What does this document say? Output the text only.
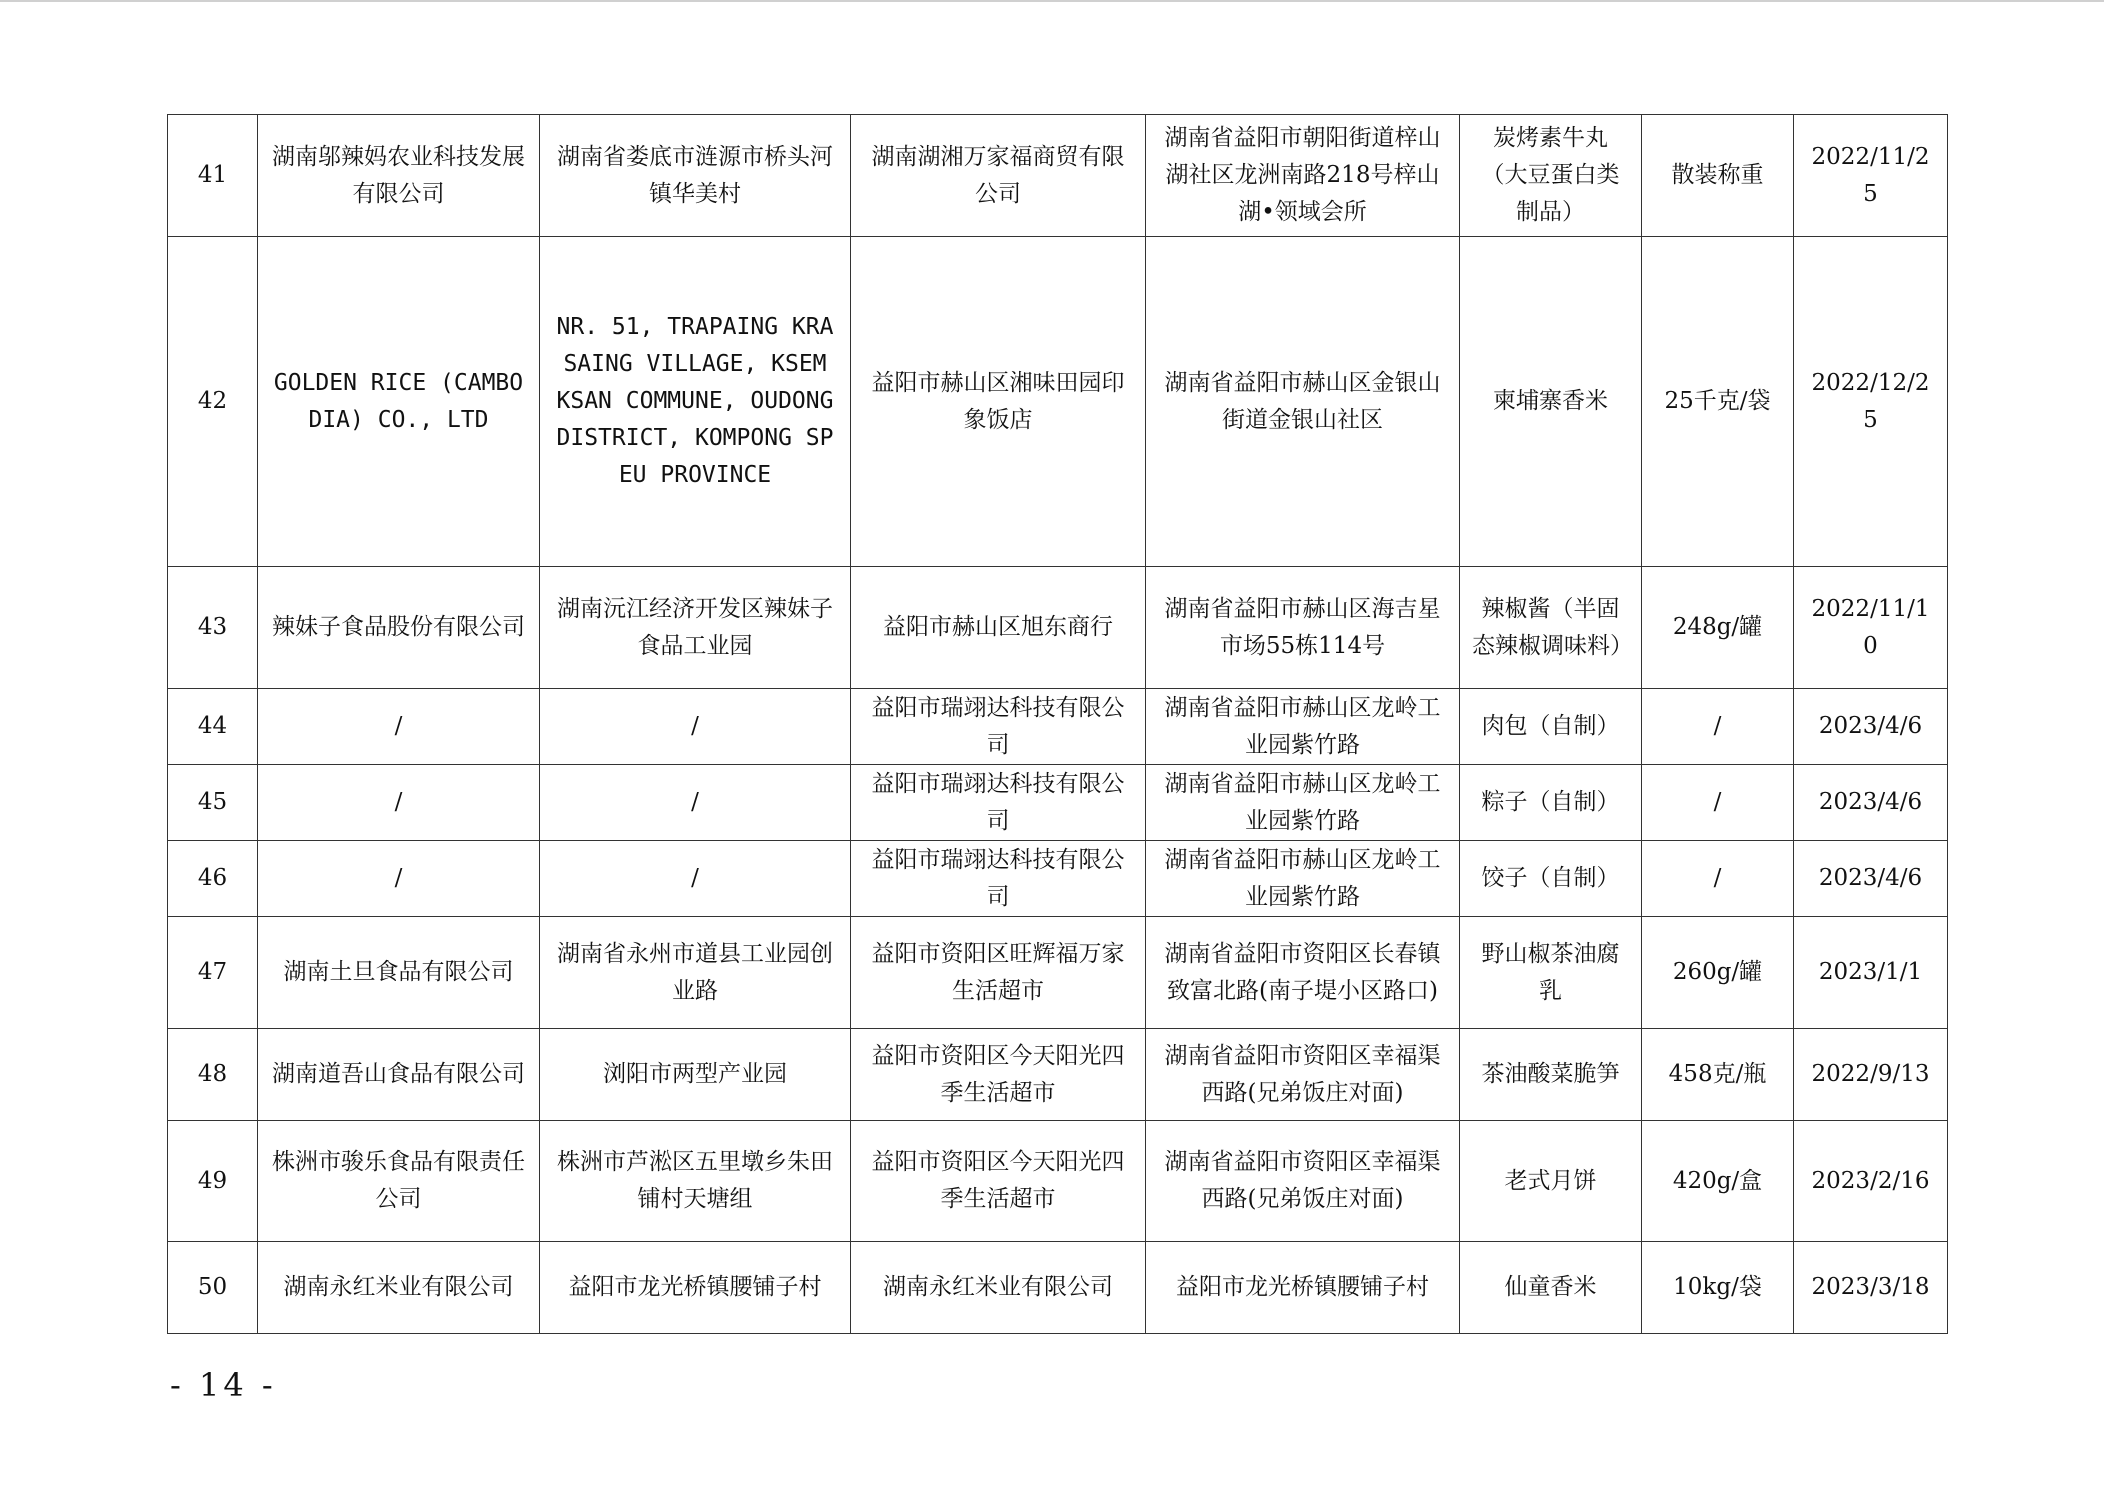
41	湖南邬辣妈农业科技发展有限公司	湖南省娄底市涟源市桥头河镇华美村	湖南湖湘万家福商贸有限公司	湖南省益阳市朝阳街道梓山湖社区龙洲南路218号梓山湖•领域会所	炭烤素牛丸（大豆蛋白类制品）	散装称重	2022/11/25
42	GOLDEN RICE (CAMBODIA) CO., LTD	NR. 51, TRAPAING KRASAING VILLAGE, KSEM KSAN COMMUNE, OUDONG DISTRICT, KOMPONG SPEU PROVINCE	益阳市赫山区湘味田园印象饭店	湖南省益阳市赫山区金银山街道金银山社区	柬埔寨香米	25千克/袋	2022/12/25
43	辣妹子食品股份有限公司	湖南沅江经济开发区辣妹子食品工业园	益阳市赫山区旭东商行	湖南省益阳市赫山区海吉星市场55栋114号	辣椒酱（半固态辣椒调味料）	248g/罐	2022/11/10
44	/	/	益阳市瑞翊达科技有限公司	湖南省益阳市赫山区龙岭工业园紫竹路	肉包（自制）	/	2023/4/6
45	/	/	益阳市瑞翊达科技有限公司	湖南省益阳市赫山区龙岭工业园紫竹路	粽子（自制）	/	2023/4/6
46	/	/	益阳市瑞翊达科技有限公司	湖南省益阳市赫山区龙岭工业园紫竹路	饺子（自制）	/	2023/4/6
47	湖南土旦食品有限公司	湖南省永州市道县工业园创业路	益阳市资阳区旺辉福万家生活超市	湖南省益阳市资阳区长春镇致富北路(南子堤小区路口)	野山椒茶油腐乳	260g/罐	2023/1/1
48	湖南道吾山食品有限公司	浏阳市两型产业园	益阳市资阳区今天阳光四季生活超市	湖南省益阳市资阳区幸福渠西路(兄弟饭庄对面)	茶油酸菜脆笋	458克/瓶	2022/9/13
49	株洲市骏乐食品有限责任公司	株洲市芦淞区五里墩乡朱田铺村天塘组	益阳市资阳区今天阳光四季生活超市	湖南省益阳市资阳区幸福渠西路(兄弟饭庄对面)	老式月饼	420g/盒	2023/2/16
50	湖南永红米业有限公司	益阳市龙光桥镇腰铺子村	湖南永红米业有限公司	益阳市龙光桥镇腰铺子村	仙童香米	10kg/袋	2023/3/18
- 14 -
